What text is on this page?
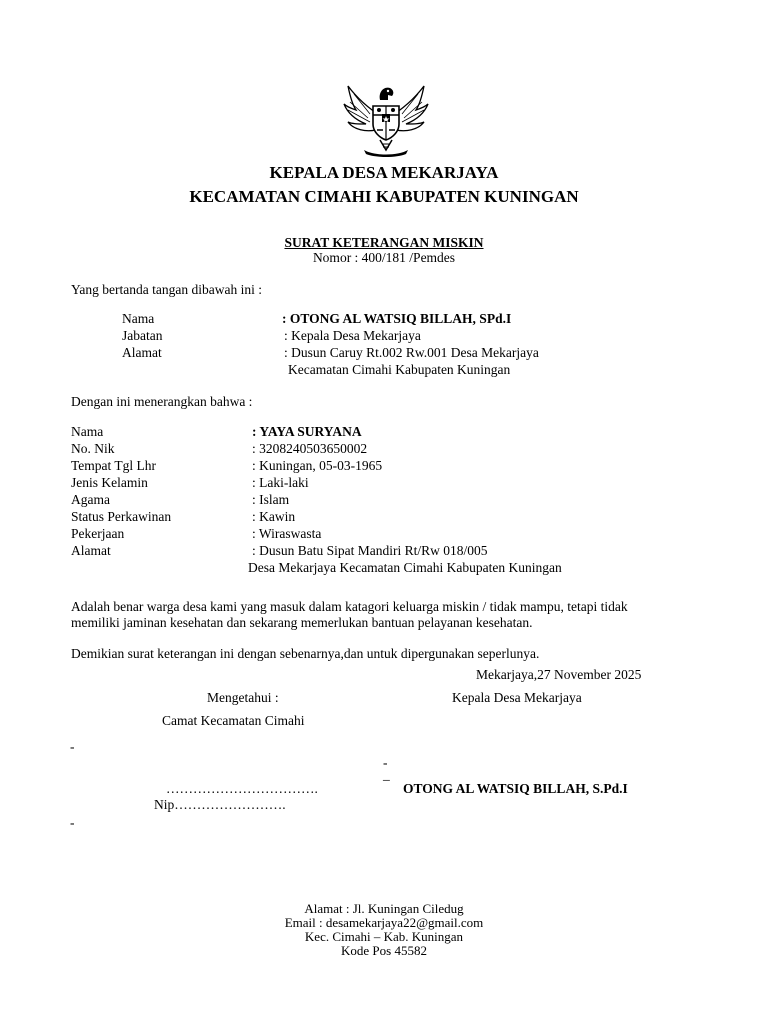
KEPALA DESA MEKARJAYA
KECAMATAN CIMAHI KABUPATEN KUNINGAN
SURAT KETERANGAN MISKIN
Nomor : 400/181 /Pemdes
Yang bertanda tangan dibawah ini :
Nama	: OTONG AL WATSIQ BILLAH, SPd.I
Jabatan	: Kepala Desa Mekarjaya
Alamat	: Dusun Caruy Rt.002 Rw.001 Desa Mekarjaya
Kecamatan Cimahi Kabupaten Kuningan
Dengan ini menerangkan bahwa :
Nama	: YAYA SURYANA
No. Nik	: 3208240503650002
Tempat Tgl Lhr	: Kuningan, 05-03-1965
Jenis Kelamin	: Laki-laki
Agama	: Islam
Status Perkawinan	: Kawin
Pekerjaan	: Wiraswasta
Alamat	: Dusun Batu Sipat Mandiri Rt/Rw 018/005
Desa Mekarjaya Kecamatan Cimahi Kabupaten Kuningan
Adalah benar warga desa kami yang masuk dalam katagori keluarga miskin / tidak mampu, tetapi tidak
memiliki jaminan kesehatan dan sekarang memerlukan bantuan pelayanan kesehatan.
Demikian surat keterangan ini dengan sebenarnya,dan untuk dipergunakan seperlunya.
Mekarjaya,27 November 2025
Mengetahui :	Kepala Desa Mekarjaya
Camat Kecamatan Cimahi
-
-
_
…………………………….	OTONG AL WATSIQ BILLAH, S.Pd.I
Nip…………………….
-
Alamat : Jl. Kuningan Ciledug
Email : desamekarjaya22@gmail.com
Kec. Cimahi – Kab. Kuningan
Kode Pos 45582
